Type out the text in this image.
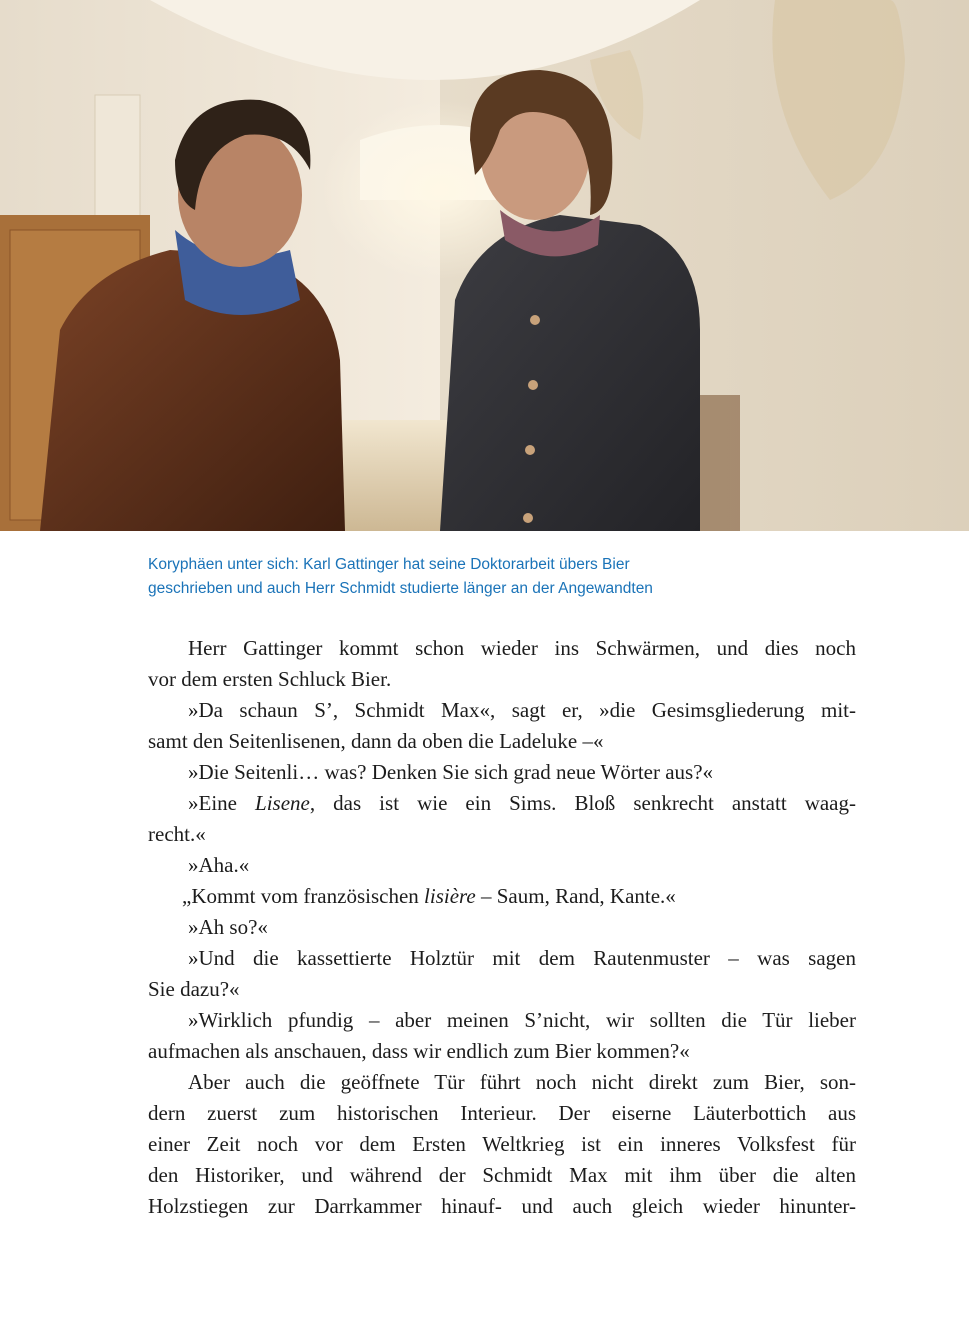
Koryphäen unter sich: Karl Gattinger hat seine Doktorarbeit übers Bier
geschrieben und auch Herr Schmidt studierte länger an der Angewandten
Herr Gattinger kommt schon wieder ins Schwärmen, und dies noch
vor dem ersten Schluck Bier.
»Da schaun S’, Schmidt Max«, sagt er, »die Gesimsgliederung mit-
samt den Seitenlisenen, dann da oben die Ladeluke –«
»Die Seitenli… was? Denken Sie sich grad neue Wörter aus?«
»Eine Lisene, das ist wie ein Sims. Bloß senkrecht anstatt waag-
recht.«
»Aha.«
„Kommt vom französischen lisière – Saum, Rand, Kante.«
»Ah so?«
»Und die kassettierte Holztür mit dem Rautenmuster – was sagen
Sie dazu?«
»Wirklich pfundig – aber meinen S’nicht, wir sollten die Tür lieber
aufmachen als anschauen, dass wir endlich zum Bier kommen?«
Aber auch die geöffnete Tür führt noch nicht direkt zum Bier, son-
dern zuerst zum historischen Interieur. Der eiserne Läuterbottich aus
einer Zeit noch vor dem Ersten Weltkrieg ist ein inneres Volksfest für
den Historiker, und während der Schmidt Max mit ihm über die alten
Holzstiegen zur Darrkammer hinauf- und auch gleich wieder hinunter-
